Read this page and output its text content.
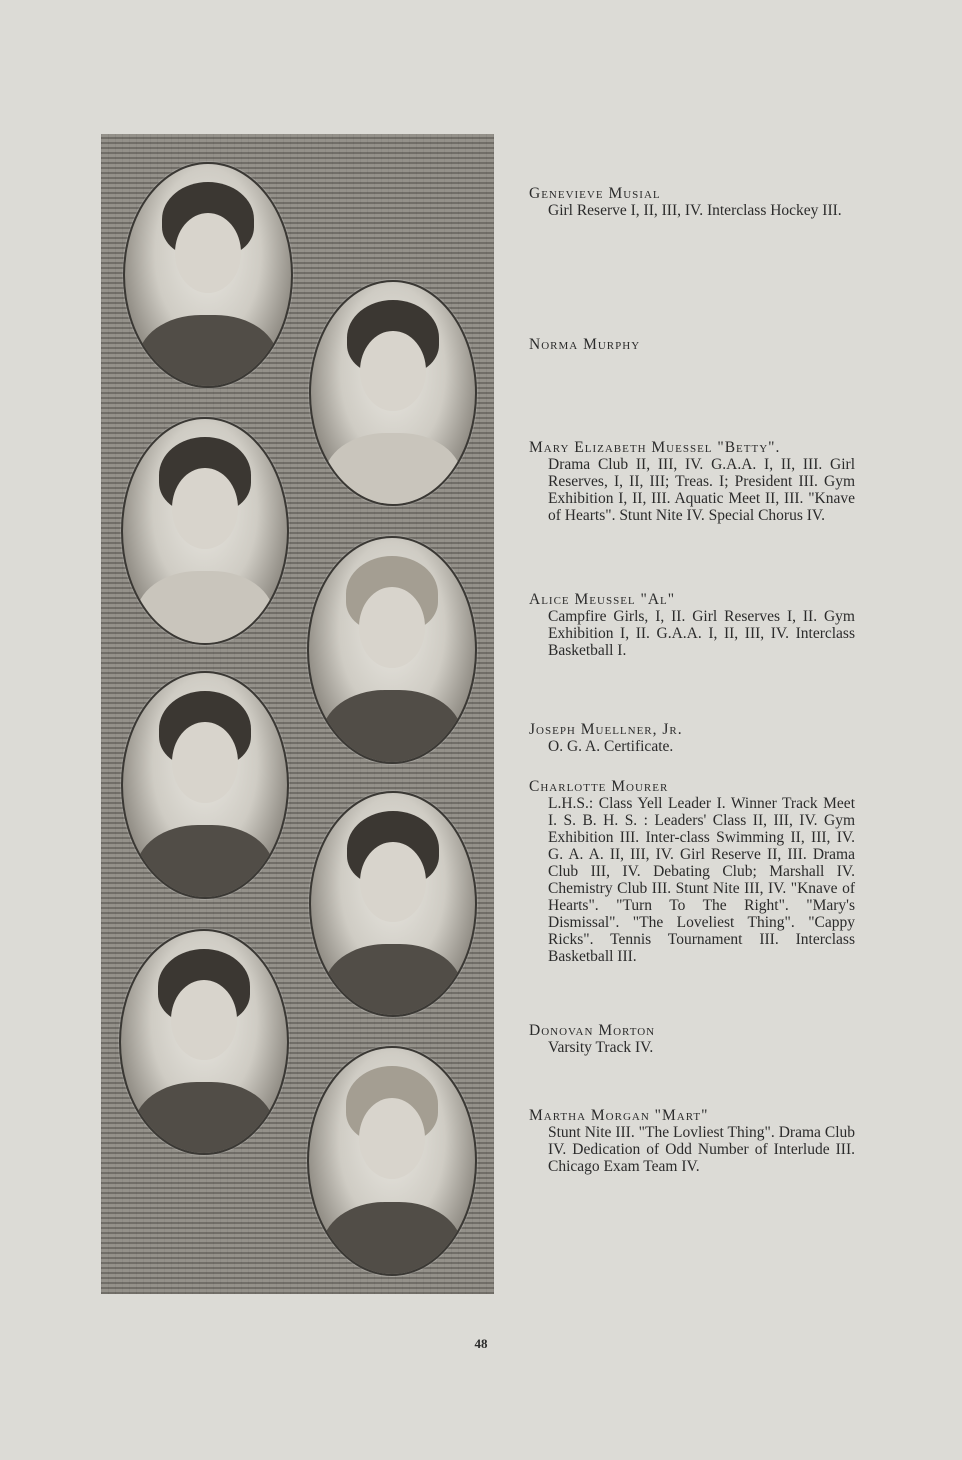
Genevieve Musial
Girl Reserve I, II, III, IV. Interclass Hockey III.
Norma Murphy
Mary Elizabeth Muessel "Betty".
Drama Club II, III, IV. G.A.A. I, II, III. Girl Reserves, I, II, III; Treas. I; President III. Gym Exhibition I, II, III. Aquatic Meet II, III. "Knave of Hearts". Stunt Nite IV. Special Chorus IV.
Alice Meussel "Al"
Campfire Girls, I, II. Girl Reserves I, II. Gym Exhibition I, II. G.A.A. I, II, III, IV. Interclass Basketball I.
Joseph Muellner, Jr.
O. G. A. Certificate.
Charlotte Mourer
L.H.S.: Class Yell Leader I. Winner Track Meet I. S. B. H. S. : Leaders' Class II, III, IV. Gym Exhibition III. Inter-class Swimming II, III, IV. G. A. A. II, III, IV. Girl Reserve II, III. Drama Club III, IV. Debating Club; Marshall IV. Chemistry Club III. Stunt Nite III, IV. "Knave of Hearts". "Turn To The Right". "Mary's Dismissal". "The Loveliest Thing". "Cappy Ricks". Tennis Tournament III. Interclass Basketball III.
Donovan Morton
Varsity Track IV.
Martha Morgan "Mart"
Stunt Nite III. "The Lovliest Thing". Drama Club IV. Dedication of Odd Number of Interlude III. Chicago Exam Team IV.
48
